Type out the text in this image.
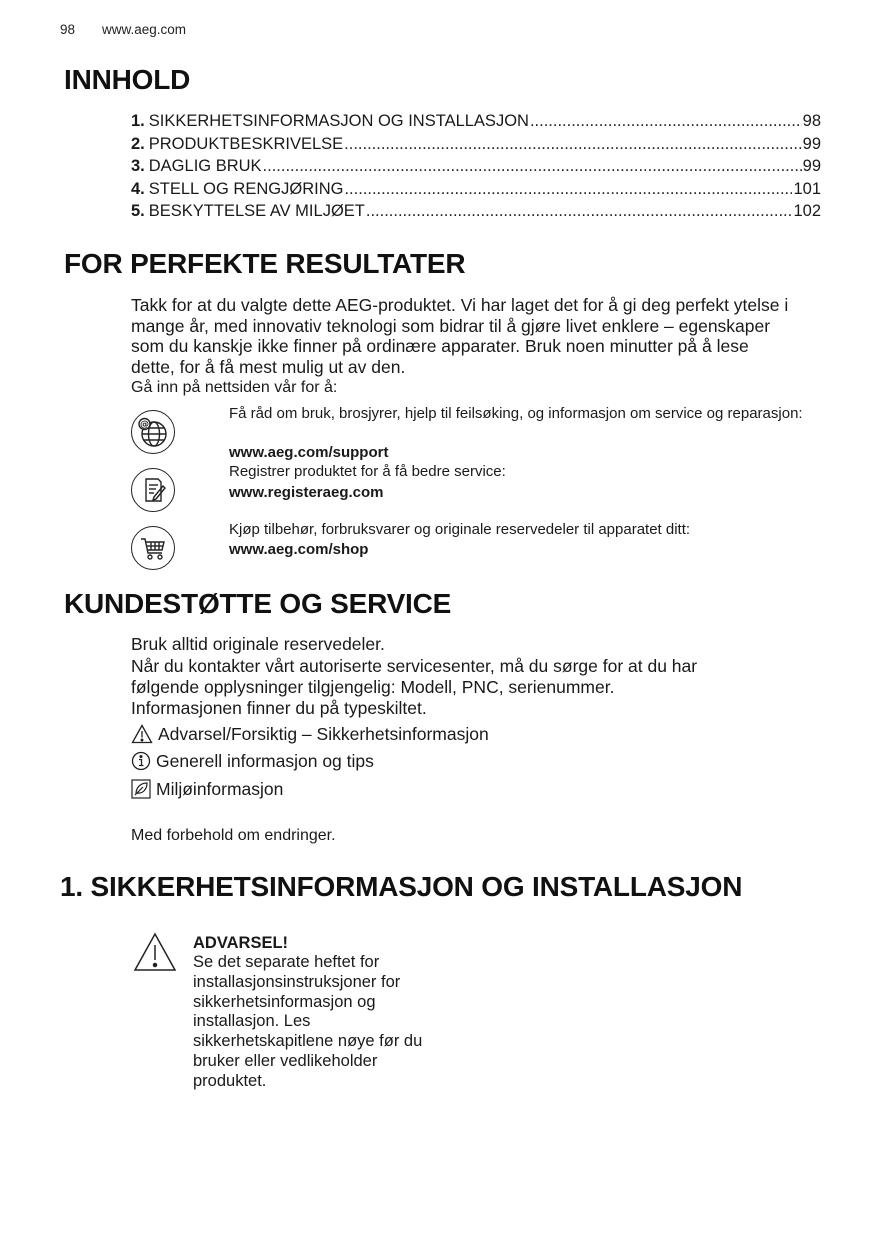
98 www.aeg.com
INNHOLD
1. SIKKERHETSINFORMASJON OG INSTALLASJON .....	98
2. PRODUKTBESKRIVELSE .....	99
3. DAGLIG BRUK .....	99
4. STELL OG RENGJØRING .....	101
5. BESKYTTELSE AV MILJØET .....	102
FOR PERFEKTE RESULTATER

Takk for at du valgte dette AEG-produktet. Vi har laget det for å gi deg perfekt ytelse i mange år, med innovativ teknologi som bidrar til å gjøre livet enklere – egenskaper som du kanskje ikke finner på ordinære apparater. Bruk noen minutter på å lese dette, for å få mest mulig ut av den.

Gå inn på nettsiden vår for å:
@
Få råd om bruk, brosjyrer, hjelp til feilsøking, og informasjon om service og reparasjon:
www.aeg.com/support
Registrer produktet for å få bedre service:
www.registeraeg.com
Kjøp tilbehør, forbruksvarer og originale reservedeler til apparatet ditt:
www.aeg.com/shop
KUNDESTØTTE OG SERVICE
Bruk alltid originale reservedeler.
Når du kontakter vårt autoriserte servicesenter, må du sørge for at du har følgende opplysninger tilgjengelig: Modell, PNC, serienummer.
Informasjonen finner du på typeskiltet.
Advarsel/Forsiktig – Sikkerhetsinformasjon
Generell informasjon og tips
Miljøinformasjon
Med forbehold om endringer.
1. SIKKERHETSINFORMASJON OG INSTALLASJON
ADVARSEL!
Se det separate heftet for installasjonsinstruksjoner for sikkerhetsinformasjon og installasjon. Les sikkerhetskapitlene nøye før du bruker eller vedlikeholder produktet.
